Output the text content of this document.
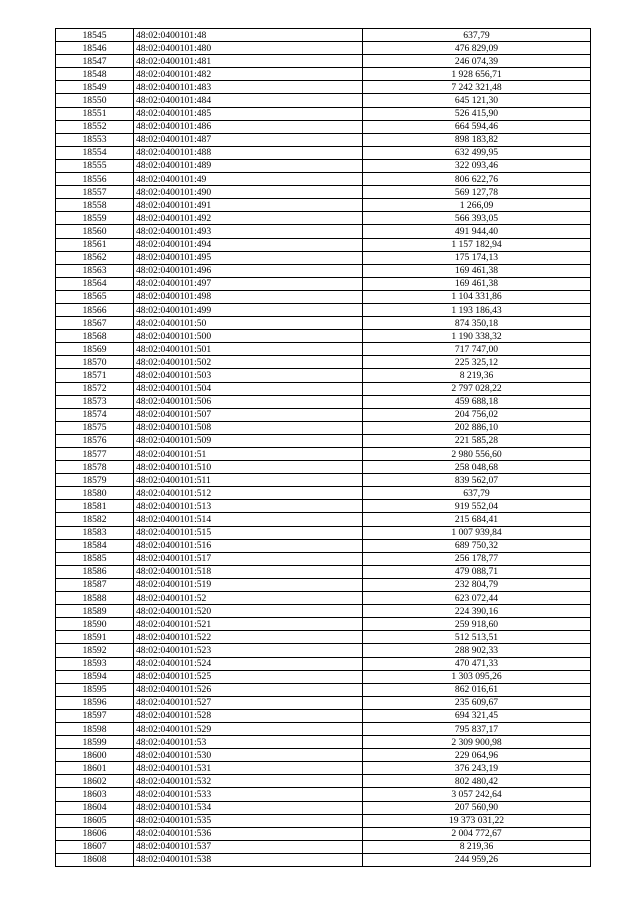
18545	48:02:0400101:48	637,79
18546	48:02:0400101:480	476 829,09
18547	48:02:0400101:481	246 074,39
18548	48:02:0400101:482	1 928 656,71
18549	48:02:0400101:483	7 242 321,48
18550	48:02:0400101:484	645 121,30
18551	48:02:0400101:485	526 415,90
18552	48:02:0400101:486	664 594,46
18553	48:02:0400101:487	898 183,82
18554	48:02:0400101:488	632 499,95
18555	48:02:0400101:489	322 093,46
18556	48:02:0400101:49	806 622,76
18557	48:02:0400101:490	569 127,78
18558	48:02:0400101:491	1 266,09
18559	48:02:0400101:492	566 393,05
18560	48:02:0400101:493	491 944,40
18561	48:02:0400101:494	1 157 182,94
18562	48:02:0400101:495	175 174,13
18563	48:02:0400101:496	169 461,38
18564	48:02:0400101:497	169 461,38
18565	48:02:0400101:498	1 104 331,86
18566	48:02:0400101:499	1 193 186,43
18567	48:02:0400101:50	874 350,18
18568	48:02:0400101:500	1 190 338,32
18569	48:02:0400101:501	717 747,00
18570	48:02:0400101:502	225 325,12
18571	48:02:0400101:503	8 219,36
18572	48:02:0400101:504	2 797 028,22
18573	48:02:0400101:506	459 688,18
18574	48:02:0400101:507	204 756,02
18575	48:02:0400101:508	202 886,10
18576	48:02:0400101:509	221 585,28
18577	48:02:0400101:51	2 980 556,60
18578	48:02:0400101:510	258 048,68
18579	48:02:0400101:511	839 562,07
18580	48:02:0400101:512	637,79
18581	48:02:0400101:513	919 552,04
18582	48:02:0400101:514	215 684,41
18583	48:02:0400101:515	1 007 939,84
18584	48:02:0400101:516	689 750,32
18585	48:02:0400101:517	256 178,77
18586	48:02:0400101:518	479 088,71
18587	48:02:0400101:519	232 804,79
18588	48:02:0400101:52	623 072,44
18589	48:02:0400101:520	224 390,16
18590	48:02:0400101:521	259 918,60
18591	48:02:0400101:522	512 513,51
18592	48:02:0400101:523	288 902,33
18593	48:02:0400101:524	470 471,33
18594	48:02:0400101:525	1 303 095,26
18595	48:02:0400101:526	862 016,61
18596	48:02:0400101:527	235 609,67
18597	48:02:0400101:528	694 321,45
18598	48:02:0400101:529	795 837,17
18599	48:02:0400101:53	2 309 900,98
18600	48:02:0400101:530	229 064,96
18601	48:02:0400101:531	376 243,19
18602	48:02:0400101:532	802 480,42
18603	48:02:0400101:533	3 057 242,64
18604	48:02:0400101:534	207 560,90
18605	48:02:0400101:535	19 373 031,22
18606	48:02:0400101:536	2 004 772,67
18607	48:02:0400101:537	8 219,36
18608	48:02:0400101:538	244 959,26
